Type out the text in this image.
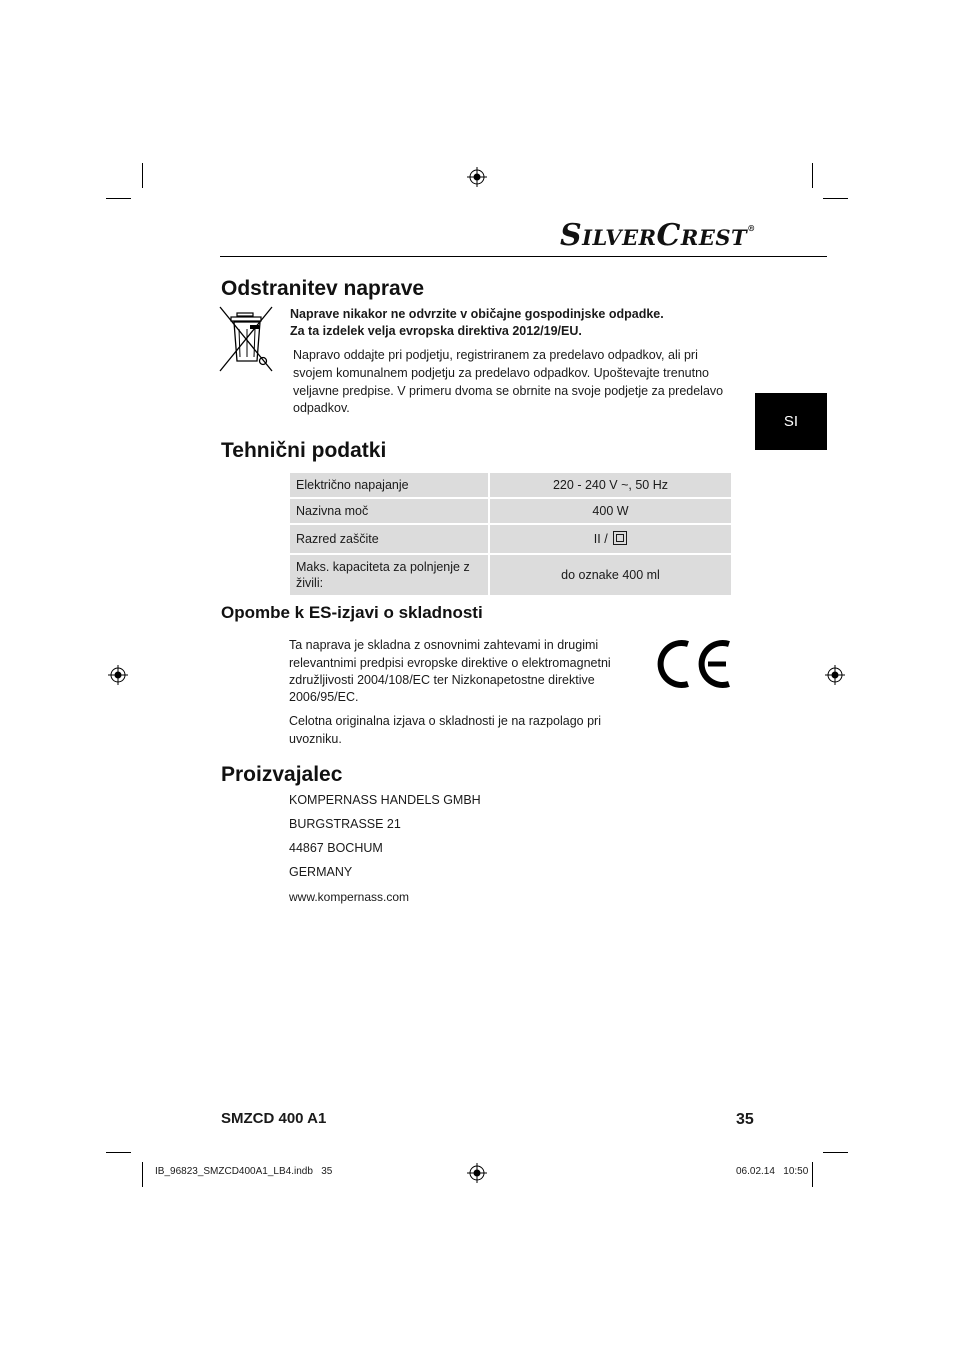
SILVERCREST®
SI
Odstranitev naprave
Naprave nikakor ne odvrzite v običajne gospodinjske odpadke.
Za ta izdelek velja evropska direktiva 2012/19/EU.
Napravo oddajte pri podjetju, registriranem za predelavo odpadkov, ali pri
svojem komunalnem podjetju za predelavo odpadkov. Upoštevajte trenutno
veljavne predpise. V primeru dvoma se obrnite na svoje podjetje za predelavo
odpadkov.
Tehnični podatki
Električno napajanje	220 - 240 V ~, 50 Hz
Nazivna moč	400 W
Razred zaščite	II /

Maks. kapaciteta za polnjenje z
živili:	do oznake 400 ml
Opombe k ES-izjavi o skladnosti
Ta naprava je skladna z osnovnimi zahtevami in drugimi
relevantnimi predpisi evropske direktive o elektromagnetni
združljivosti 2004/108/EC ter Nizkonapetostne direktive
2006/95/EC.
Celotna originalna izjava o skladnosti je na razpolago pri
uvozniku.
Proizvajalec
KOMPERNASS HANDELS GMBH
BURGSTRASSE 21
44867 BOCHUM
GERMANY
www.kompernass.com
SMZCD 400 A1	35
IB_96823_SMZCD400A1_LB4.indb   35	06.02.14   10:50
